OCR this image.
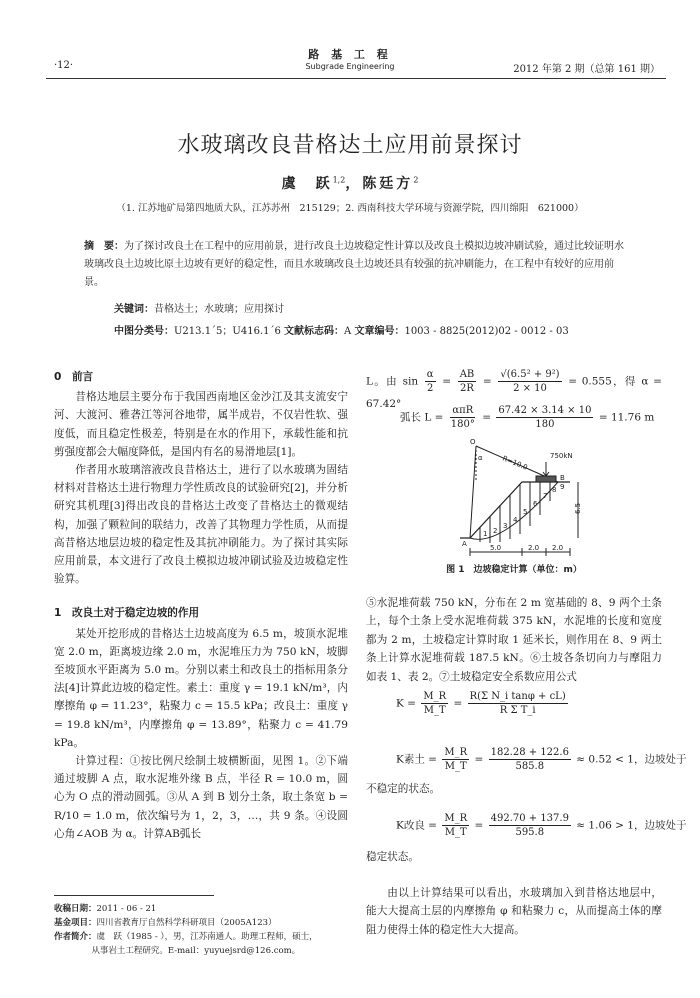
·12·
路 基 工 程
Subgrade Engineering	2012 年第 2 期（总第 161 期）
水玻璃改良昔格达土应用前景探讨
虞　跃$^{1,2}$，陈廷方$^2$
（1. 江苏地矿局第四地质大队，江苏苏州　215129；2. 西南科技大学环境与资源学院，四川绵阳　621000）
摘　要：为了探讨改良土在工程中的应用前景，进行改良土边坡稳定性计算以及改良土模拟边坡冲刷试验，通过比较证明水玻璃改良土边坡比原土边坡有更好的稳定性，而且水玻璃改良土边坡还具有较强的抗冲刷能力，在工程中有较好的应用前景。
关键词：昔格达土；水玻璃；应用探讨
中图分类号：U213.1ˊ5；U416.1ˊ6 文献标志码：A 文章编号：1003 - 8825(2012)02 - 0012 - 03
0　前言

昔格达地层主要分布于我国西南地区金沙江及其支流安宁河、大渡河、雅砻江等河谷地带，属半成岩，不仅岩性软、强度低，而且稳定性极差，特别是在水的作用下，承载性能和抗剪强度都会大幅度降低，是国内有名的易滑地层[1]。

作者用水玻璃溶液改良昔格达土，进行了以水玻璃为固结材料对昔格达土进行物理力学性质改良的试验研究[2]，并分析研究其机理[3]得出改良的昔格达土改变了昔格达土的微观结构，加强了颗粒间的联结力，改善了其物理力学性质，从而提高昔格达地层边坡的稳定性及其抗冲刷能力。为了探讨其实际应用前景，本文进行了改良土模拟边坡冲刷试验及边坡稳定性验算。

1　改良土对于稳定边坡的作用

某处开挖形成的昔格达土边坡高度为 6.5 m，坡顶水泥堆宽 2.0 m，距离坡边缘 2.0 m，水泥堆压力为 750 kN，坡脚至坡顶水平距离为 5.0 m。分别以素土和改良土的指标用条分法[4]计算此边坡的稳定性。素土：重度 γ = 19.1 kN/m³，内摩擦角 φ = 11.23°，粘聚力 c = 15.5 kPa；改良土：重度 γ = 19.8 kN/m³，内摩擦角 φ = 13.89°，粘聚力 c = 41.79 kPa。

计算过程：①按比例尺绘制土坡横断面，见图 1。②下端通过坡脚 A 点，取水泥堆外缘 B 点，半径 R = 10.0 m，圆心为 O 点的滑动圆弧。③从 A 到 B 划分土条，取土条宽 b = R/10 = 1.0 m，依次编号为 1，2，3，…，共 9 条。④设圆心角∠AOB 为 α。计算AB弧长

L。由 $\sin \frac{\alpha}{2} = \frac{AB}{2R} = \frac{\text{√(6.5² + 9²)}}{2 \times 10} = 0.555$，得 α = 67.42°
弧长 $L = \frac{\text{απR}}{180^\circ} = \frac{67.42 \times 3.14 \times 10}{180} = 11.76$ m
O
α	R=10.0	750kN
A
B
6.5
5.0	2.0 2.0
1 2
3
4
5
6
7
8 9
图 1　边坡稳定计算（单位：m）
⑤水泥堆荷载 750 kN，分布在 2 m 宽基础的 8、9 两个土条上，每个土条上受水泥堆荷载 375 kN，水泥堆的长度和宽度都为 2 m，土坡稳定计算时取 1 延米长，则作用在 8、9 两土条上计算水泥堆荷载 187.5 kN。⑥土坡各条切向力与摩阻力如表 1、表 2。⑦土坡稳定安全系数应用公式
$K = \frac{M\_R}{M\_T} = \frac{\text{R(Σ N\_i tanφ + cL)}}{\text{R Σ T\_i}}$
K素土 = $\frac{M\_R}{M\_T} = \frac{182.28 + 122.6}{585.8} \approx 0.52 < 1$，边坡处于
不稳定的状态。
K改良 = $\frac{M\_R}{M\_T} = \frac{492.70 + 137.9}{595.8} \approx 1.06 > 1$，边坡处于
稳定状态。
由以上计算结果可以看出，水玻璃加入到昔格达地层中，能大大提高土层的内摩擦角 φ 和粘聚力 c，从而提高土体的摩阻力使得土体的稳定性大大提高。
收稿日期：2011 - 06 - 21
基金项目：四川省教育厅自然科学科研项目（2005A123）
作者简介：虞　跃（1985 - ），男，江苏南通人。助理工程师，硕士，
从事岩土工程研究。E-mail：yuyuejsrd@126.com。
